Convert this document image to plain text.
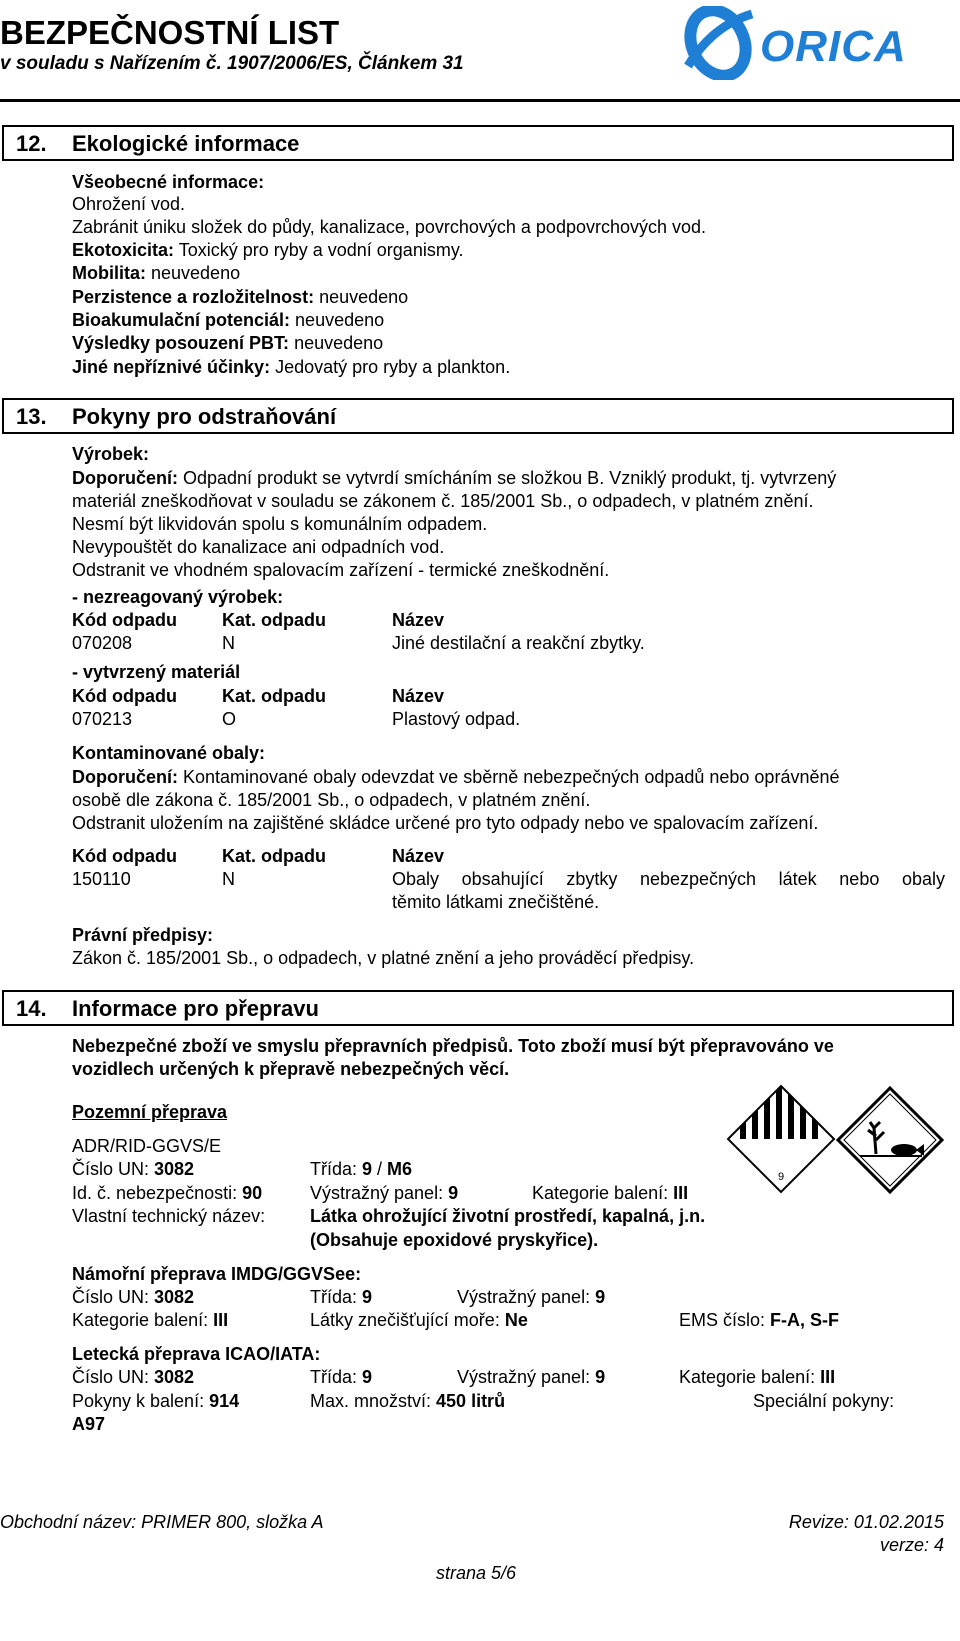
BEZPEČNOSTNÍ LIST
v souladu s Nařízením č. 1907/2006/ES, Článkem 31	ORICA
12. Ekologické informace
Všeobecné informace:
Ohrožení vod.
Zabránit úniku složek do půdy, kanalizace, povrchových a podpovrchových vod.
Ekotoxicita: Toxický pro ryby a vodní organismy.
Mobilita: neuvedeno
Perzistence a rozložitelnost: neuvedeno
Bioakumulační potenciál: neuvedeno
Výsledky posouzení PBT: neuvedeno
Jiné nepříznivé účinky: Jedovatý pro ryby a plankton.
13. Pokyny pro odstraňování
Výrobek:
Doporučení: Odpadní produkt se vytvrdí smícháním se složkou B. Vzniklý produkt, tj. vytvrzený
materiál zneškodňovat v souladu se zákonem č. 185/2001 Sb., o odpadech, v platném znění.
Nesmí být likvidován spolu s komunálním odpadem.
Nevypouštět do kanalizace ani odpadních vod.
Odstranit ve vhodném spalovacím zařízení - termické zneškodnění.
- nezreagovaný výrobek:
Kód odpadu	Kat. odpadu	Název
070208	N	Jiné destilační a reakční zbytky.
- vytvrzený materiál
Kód odpadu	Kat. odpadu	Název
070213	O	Plastový odpad.
Kontaminované obaly:
Doporučení: Kontaminované obaly odevzdat ve sběrně nebezpečných odpadů nebo oprávněné
osobě dle zákona č. 185/2001 Sb., o odpadech, v platném znění.
Odstranit uložením na zajištěné skládce určené pro tyto odpady nebo ve spalovacím zařízení.
Kód odpadu	Kat. odpadu	Název
150110	N	Obaly obsahující zbytky nebezpečných látek nebo obaly
těmito látkami znečištěné.
Právní předpisy:
Zákon č. 185/2001 Sb., o odpadech, v platné znění a jeho prováděcí předpisy.
14. Informace pro přepravu
Nebezpečné zboží ve smyslu přepravních předpisů. Toto zboží musí být přepravováno ve
vozidlech určených k přepravě nebezpečných věcí.
Pozemní přeprava
ADR/RID-GGVS/E
Číslo UN: 3082	Třída: 9 / M6
Id. č. nebezpečnosti: 90	Výstražný panel: 9	Kategorie balení: III
Vlastní technický název: Látka ohrožující životní prostředí, kapalná, j.n.
(Obsahuje epoxidové pryskyřice).
9
Námořní přeprava IMDG/GGVSee:
Číslo UN: 3082	Třída: 9	Výstražný panel: 9
Kategorie balení: III	Látky znečišťující moře: Ne	EMS číslo: F-A, S-F
Letecká přeprava ICAO/IATA:
Číslo UN: 3082	Třída: 9	Výstražný panel: 9	Kategorie balení: III
Pokyny k balení: 914	Max. množství: 450 litrů	Speciální pokyny:
A97
Obchodní název: PRIMER 800, složka A	Revize: 01.02.2015
verze: 4
strana 5/6
